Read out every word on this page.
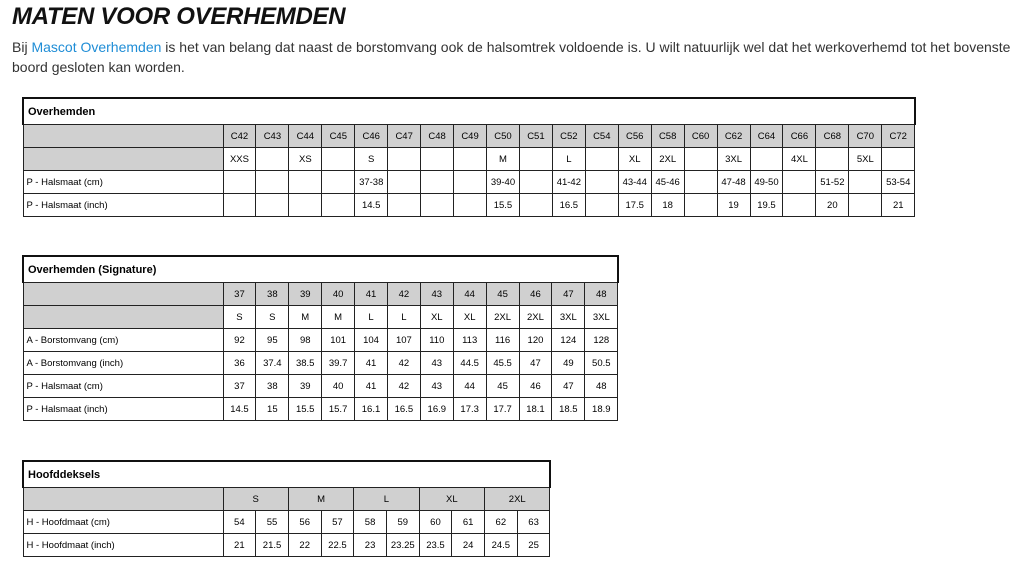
MATEN VOOR OVERHEMDEN

Bij Mascot Overhemden is het van belang dat naast de borstomvang ook de halsomtrek voldoende is. U wilt natuurlijk wel dat het werkoverhemd tot het bovenste boord gesloten kan worden.

Overhemden																					
	C42	C43	C44	C45	C46	C47	C48	C49	C50	C51	C52	C54	C56	C58	C60	C62	C64	C66	C68	C70	C72
	XXS		XS		S				M		L		XL	2XL		3XL		4XL		5XL	
P - Halsmaat (cm)					37-38				39-40		41-42		43-44	45-46		47-48	49-50		51-52		53-54
P - Halsmaat (inch)					14.5				15.5		16.5		17.5	18		19	19.5		20		21
Overhemden (Signature)												
	37	38	39	40	41	42	43	44	45	46	47	48
	S	S	M	M	L	L	XL	XL	2XL	2XL	3XL	3XL
A - Borstomvang (cm)	92	95	98	101	104	107	110	113	116	120	124	128
A - Borstomvang (inch)	36	37.4	38.5	39.7	41	42	43	44.5	45.5	47	49	50.5
P - Halsmaat (cm)	37	38	39	40	41	42	43	44	45	46	47	48
P - Halsmaat (inch)	14.5	15	15.5	15.7	16.1	16.5	16.9	17.3	17.7	18.1	18.5	18.9
Hoofddeksels										
	S		M		L		XL		2XL	
H - Hoofdmaat (cm)	54	55	56	57	58	59	60	61	62	63
H - Hoofdmaat (inch)	21	21.5	22	22.5	23	23.25	23.5	24	24.5	25
